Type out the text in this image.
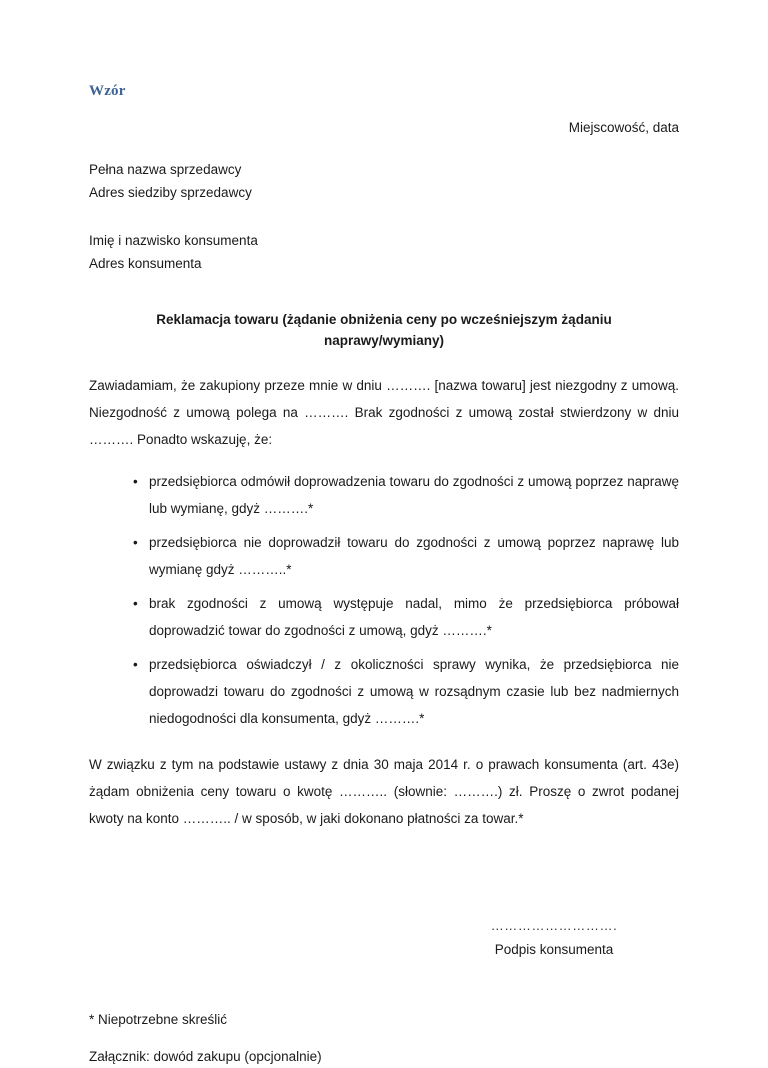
Wzór
Miejscowość, data
Pełna nazwa sprzedawcy
Adres siedziby sprzedawcy
Imię i nazwisko konsumenta
Adres konsumenta
Reklamacja towaru (żądanie obniżenia ceny po wcześniejszym żądaniu naprawy/wymiany)

Zawiadamiam, że zakupiony przeze mnie w dniu ………. [nazwa towaru] jest niezgodny z umową. Niezgodność z umową polega na ………. Brak zgodności z umową został stwierdzony w dniu ………. Ponadto wskazuję, że:

• przedsiębiorca odmówił doprowadzenia towaru do zgodności z umową poprzez naprawę lub wymianę, gdyż ……….*
• przedsiębiorca nie doprowadził towaru do zgodności z umową poprzez naprawę lub wymianę gdyż ………..*
• brak zgodności z umową występuje nadal, mimo że przedsiębiorca próbował doprowadzić towar do zgodności z umową, gdyż ……….*
• przedsiębiorca oświadczył / z okoliczności sprawy wynika, że przedsiębiorca nie doprowadzi towaru do zgodności z umową w rozsądnym czasie lub bez nadmiernych niedogodności dla konsumenta, gdyż ……….*

W związku z tym na podstawie ustawy z dnia 30 maja 2014 r. o prawach konsumenta (art. 43e) żądam obniżenia ceny towaru o kwotę ……….. (słownie: ……….) zł. Proszę o zwrot podanej kwoty na konto ……….. / w sposób, w jaki dokonano płatności za towar.*

……………………….
Podpis konsumenta
* Niepotrzebne skreślić
Załącznik: dowód zakupu (opcjonalnie)
